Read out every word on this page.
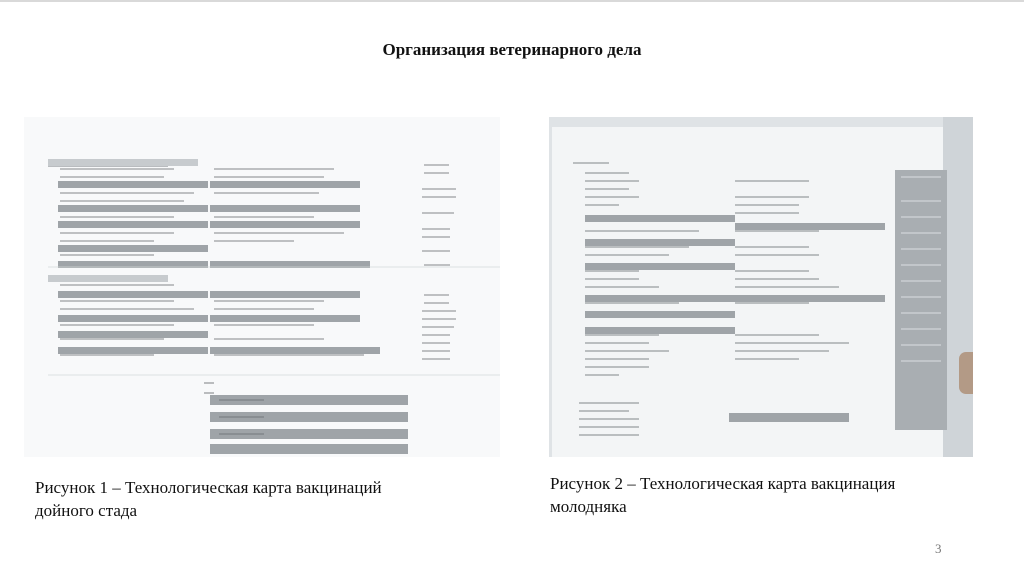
Организация ветеринарного дела
Рисунок 1 – Технологическая карта вакцинаций
дойного стада
Рисунок 2 – Технологическая карта вакцинация
молодняка
3
